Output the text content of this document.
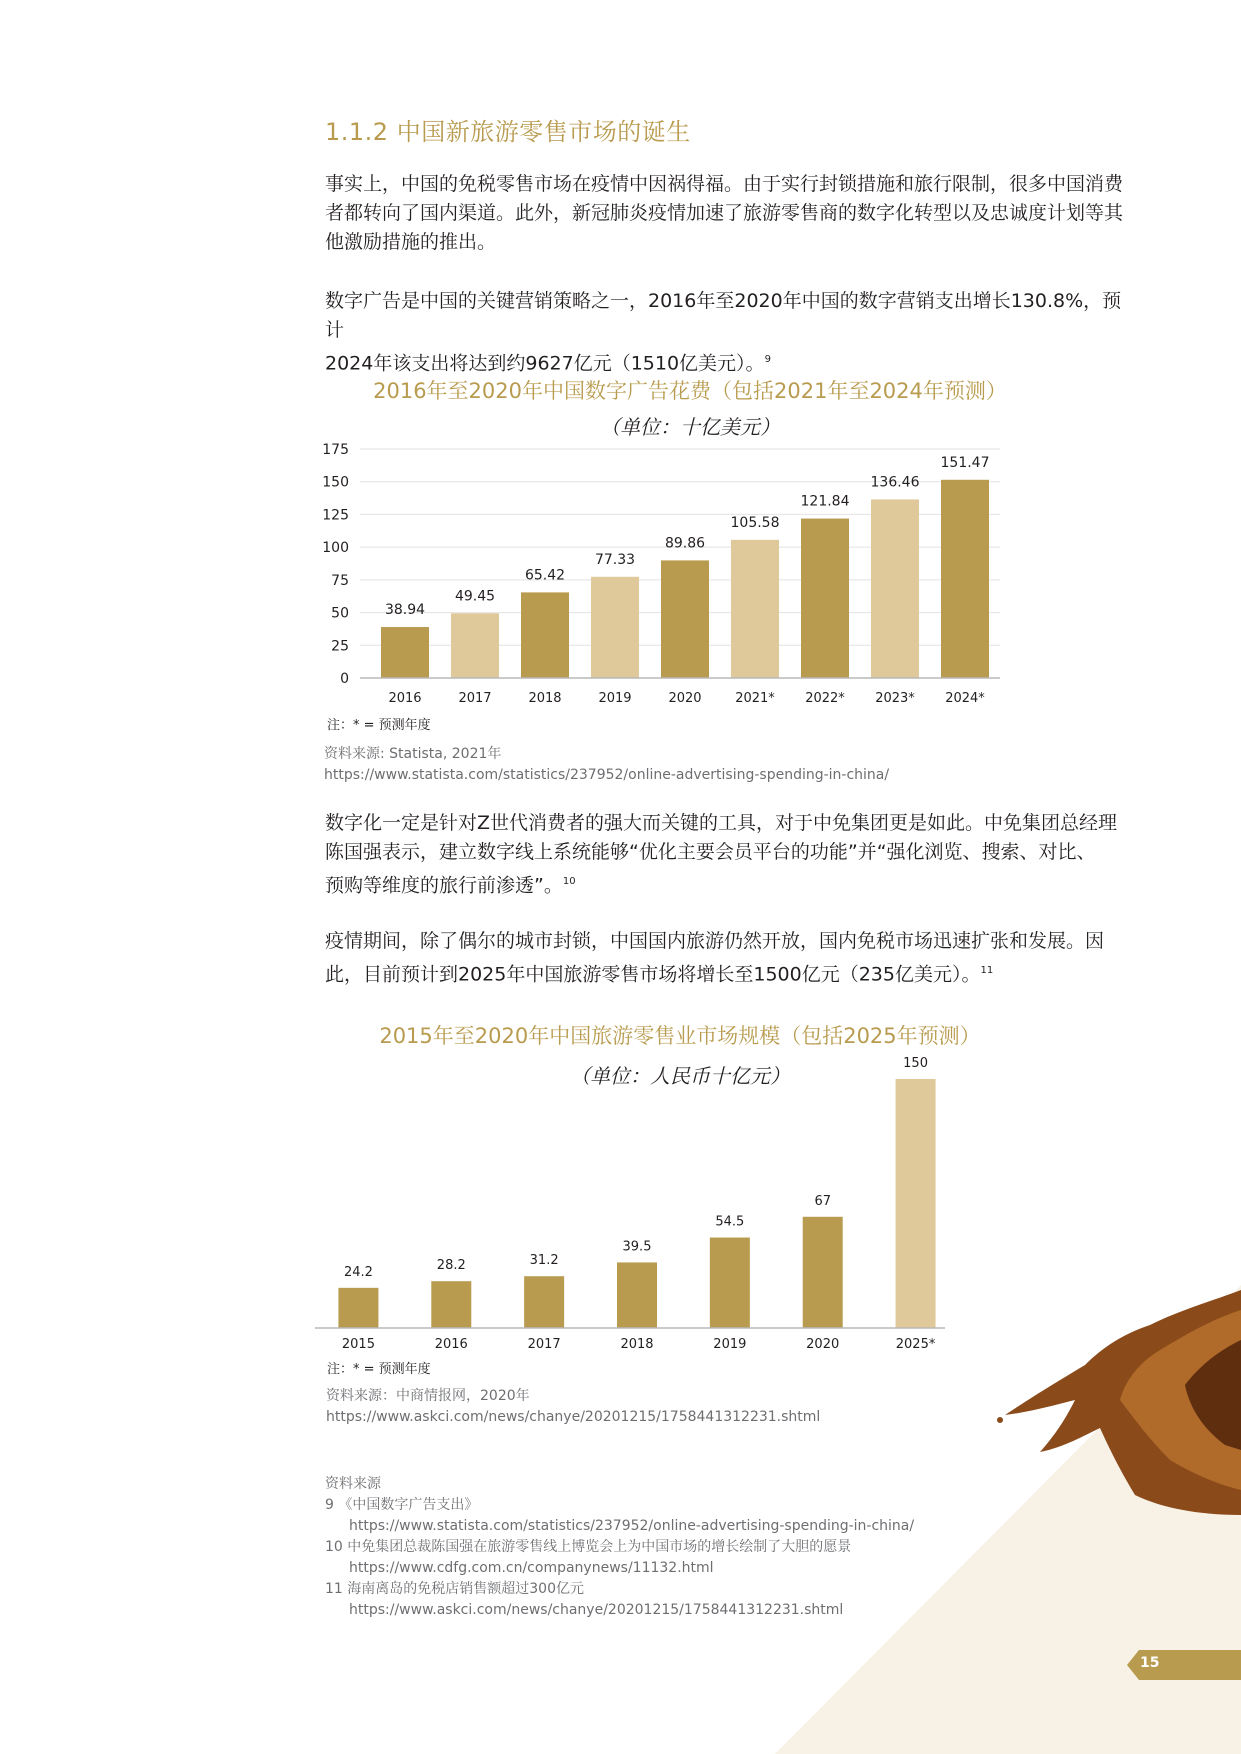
1.1.2 中国新旅游零售市场的诞生
事实上，中国的免税零售市场在疫情中因祸得福。由于实行封锁措施和旅行限制，很多中国消费
者都转向了国内渠道。此外，新冠肺炎疫情加速了旅游零售商的数字化转型以及忠诚度计划等其
他激励措施的推出。
数字广告是中国的关键营销策略之一，2016年至2020年中国的数字营销支出增长130.8%，预计
2024年该支出将达到约9627亿元（1510亿美元）。$^9$
2016年至2020年中国数字广告花费（包括2021年至2024年预测）
（单位：十亿美元）
0
25
50
75
100
125
150
175
38.94
2016
49.45
2017
65.42
2018
77.33
2019
89.86
2020
105.58
2021*
121.84
2022*
136.46
2023*
151.47
2024*
注：* = 预测年度
资料来源: Statista, 2021年
https://www.statista.com/statistics/237952/online-advertising-spending-in-china/
数字化一定是针对Z世代消费者的强大而关键的工具，对于中免集团更是如此。中免集团总经理
陈国强表示，建立数字线上系统能够“优化主要会员平台的功能”并“强化浏览、搜索、对比、
预购等维度的旅行前渗透”。$^{10}$
疫情期间，除了偶尔的城市封锁，中国国内旅游仍然开放，国内免税市场迅速扩张和发展。因
此，目前预计到2025年中国旅游零售市场将增长至1500亿元（235亿美元）。$^{11}$
2015年至2020年中国旅游零售业市场规模（包括2025年预测）
（单位：人民币十亿元）
24.2
2015
28.2
2016
31.2
2017
39.5
2018
54.5
2019
67
2020
150
2025*
注：* = 预测年度
资料来源：中商情报网，2020年
https://www.askci.com/news/chanye/20201215/1758441312231.shtml
资料来源
9 《中国数字广告支出》
https://www.statista.com/statistics/237952/online-advertising-spending-in-china/
10 中免集团总裁陈国强在旅游零售线上博览会上为中国市场的增长绘制了大胆的愿景
https://www.cdfg.com.cn/companynews/11132.html
11 海南离岛的免税店销售额超过300亿元
https://www.askci.com/news/chanye/20201215/1758441312231.shtml
15
